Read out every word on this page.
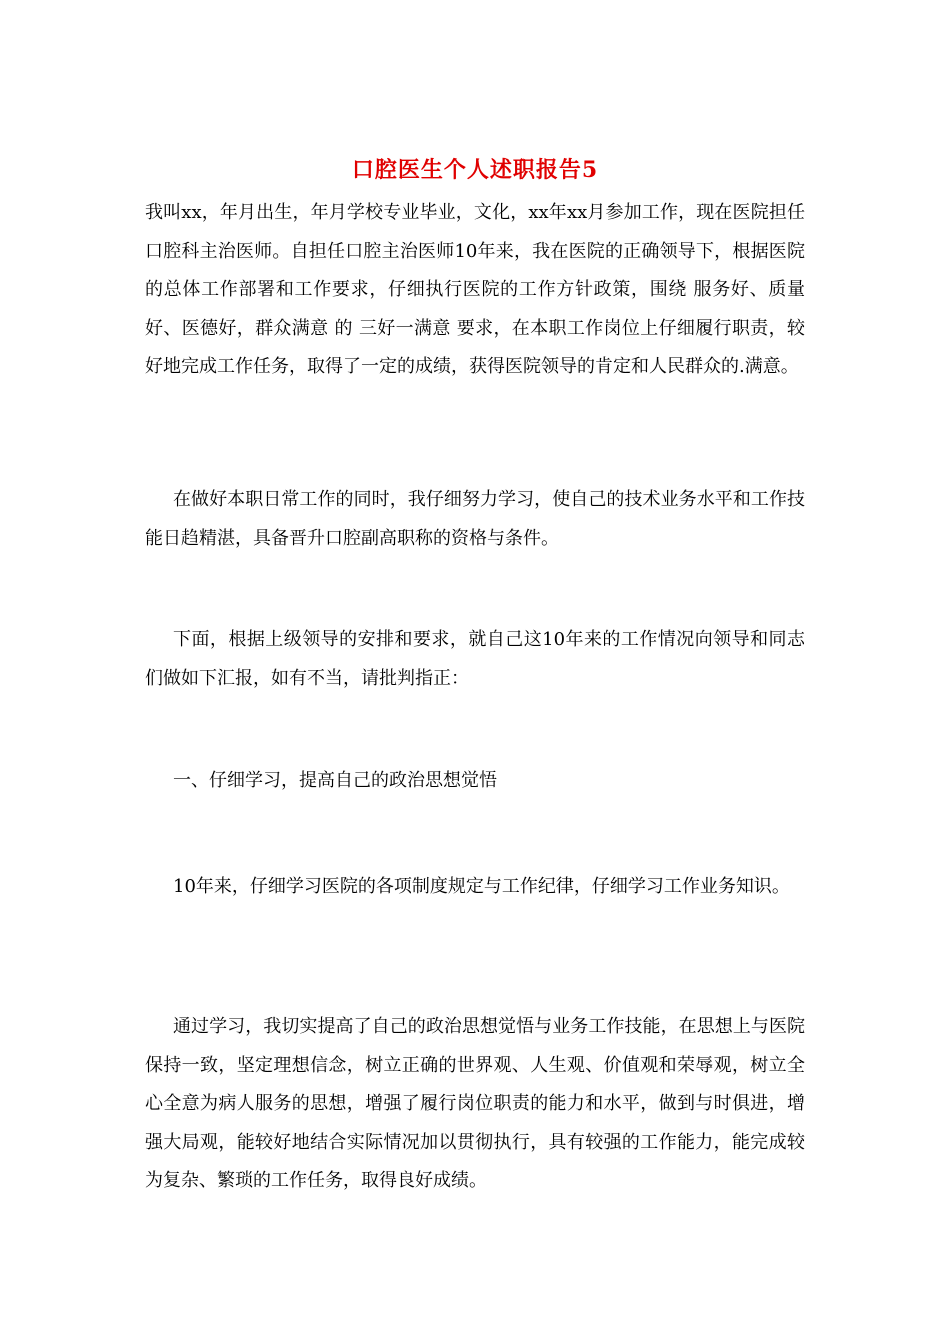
口腔医生个人述职报告5

我叫xx，年月出生，年月学校专业毕业，文化，xx年xx月参加工作，现在医院担任口腔科主治医师。自担任口腔主治医师10年来，我在医院的正确领导下，根据医院的总体工作部署和工作要求，仔细执行医院的工作方针政策，围绕 服务好、质量好、医德好，群众满意 的 三好一满意 要求，在本职工作岗位上仔细履行职责，较好地完成工作任务，取得了一定的成绩，获得医院领导的肯定和人民群众的.满意。

在做好本职日常工作的同时，我仔细努力学习，使自己的技术业务水平和工作技能日趋精湛，具备晋升口腔副高职称的资格与条件。

下面，根据上级领导的安排和要求，就自己这10年来的工作情况向领导和同志们做如下汇报，如有不当，请批判指正：

一、仔细学习，提高自己的政治思想觉悟

10年来，仔细学习医院的各项制度规定与工作纪律，仔细学习工作业务知识。

通过学习，我切实提高了自己的政治思想觉悟与业务工作技能，在思想上与医院保持一致，坚定理想信念，树立正确的世界观、人生观、价值观和荣辱观，树立全心全意为病人服务的思想，增强了履行岗位职责的能力和水平，做到与时俱进，增强大局观，能较好地结合实际情况加以贯彻执行，具有较强的工作能力，能完成较为复杂、繁琐的工作任务，取得良好成绩。
